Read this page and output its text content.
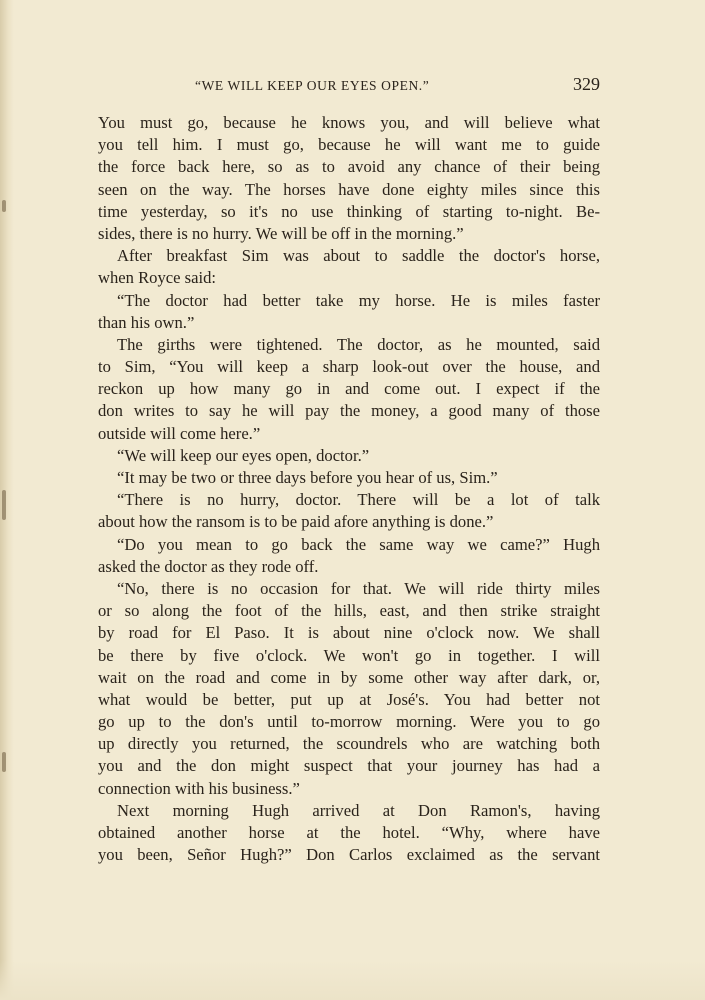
“WE WILL KEEP OUR EYES OPEN.”	329
You must go, because he knows you, and will believe what
you tell him. I must go, because he will want me to guide
the force back here, so as to avoid any chance of their being
seen on the way. The horses have done eighty miles since this
time yesterday, so it's no use thinking of starting to-night. Be-
sides, there is no hurry. We will be off in the morning.”
After breakfast Sim was about to saddle the doctor's horse,
when Royce said:
“The doctor had better take my horse. He is miles faster
than his own.”
The girths were tightened. The doctor, as he mounted, said
to Sim, “You will keep a sharp look-out over the house, and
reckon up how many go in and come out. I expect if the
don writes to say he will pay the money, a good many of those
outside will come here.”
“We will keep our eyes open, doctor.”
“It may be two or three days before you hear of us, Sim.”
“There is no hurry, doctor. There will be a lot of talk
about how the ransom is to be paid afore anything is done.”
“Do you mean to go back the same way we came?” Hugh
asked the doctor as they rode off.
“No, there is no occasion for that. We will ride thirty miles
or so along the foot of the hills, east, and then strike straight
by road for El Paso. It is about nine o'clock now. We shall
be there by five o'clock. We won't go in together. I will
wait on the road and come in by some other way after dark, or,
what would be better, put up at José's. You had better not
go up to the don's until to-morrow morning. Were you to go
up directly you returned, the scoundrels who are watching both
you and the don might suspect that your journey has had a
connection with his business.”
Next morning Hugh arrived at Don Ramon's, having
obtained another horse at the hotel. “Why, where have
you been, Señor Hugh?” Don Carlos exclaimed as the servant
